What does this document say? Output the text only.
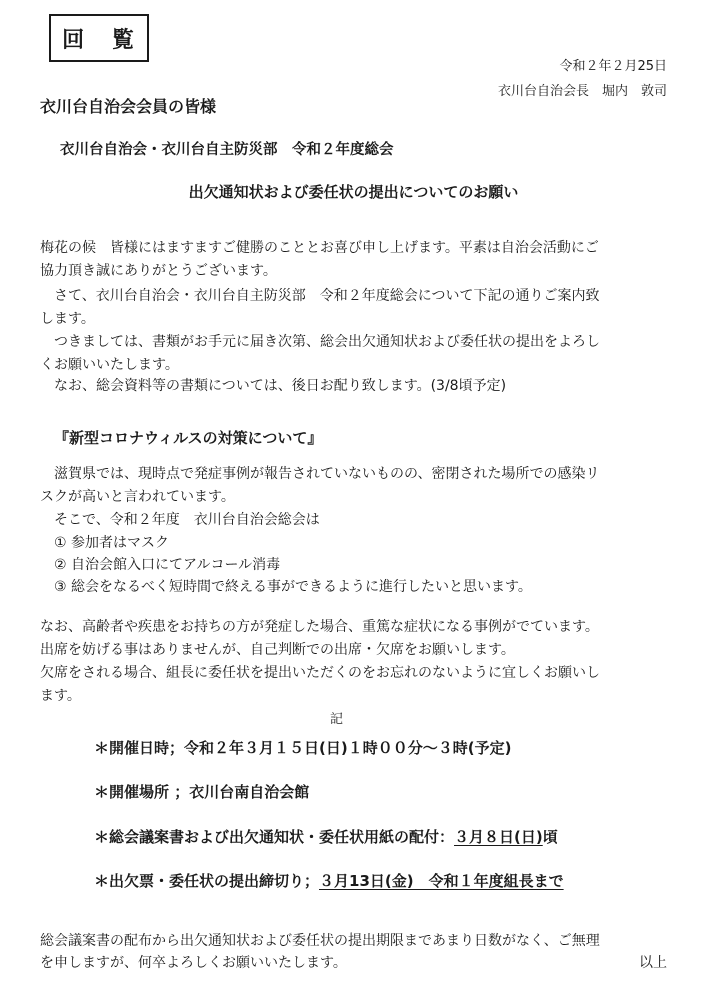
回 覧
令和２年２月25日
衣川台自治会長　堀内　敦司
衣川台自治会会員の皆様
衣川台自治会・衣川台自主防災部　令和２年度総会
出欠通知状および委任状の提出についてのお願い
梅花の候　皆様にはますますご健勝のこととお喜び申し上げます。平素は自治会活動にご
協力頂き誠にありがとうございます。
　さて、衣川台自治会・衣川台自主防災部　令和２年度総会について下記の通りご案内致
します。
　つきましては、書類がお手元に届き次第、総会出欠通知状および委任状の提出をよろし
くお願いいたします。
　なお、総会資料等の書類については、後日お配り致します。(3/8頃予定)
『新型コロナウィルスの対策について』
　滋賀県では、現時点で発症事例が報告されていないものの、密閉された場所での感染リ
スクが高いと言われています。
　そこで、令和２年度　衣川台自治会総会は
① 参加者はマスク
② 自治会館入口にてアルコール消毒
③ 総会をなるべく短時間で終える事ができるように進行したいと思います。
なお、高齢者や疾患をお持ちの方が発症した場合、重篤な症状になる事例がでています。
出席を妨げる事はありませんが、自己判断での出席・欠席をお願いします。
欠席をされる場合、組長に委任状を提出いただくのをお忘れのないように宜しくお願いし
ます。
記
＊開催日時；令和２年３月１５日(日)１時００分〜３時(予定)
＊開催場所 ；衣川台南自治会館
＊総会議案書および出欠通知状・委任状用紙の配付：３月８日(日)頃
＊出欠票・委任状の提出締切り；３月13日(金)　令和１年度組長まで
総会議案書の配布から出欠通知状および委任状の提出期限まであまり日数がなく、ご無理
を申しますが、何卒よろしくお願いいたします。	以上
